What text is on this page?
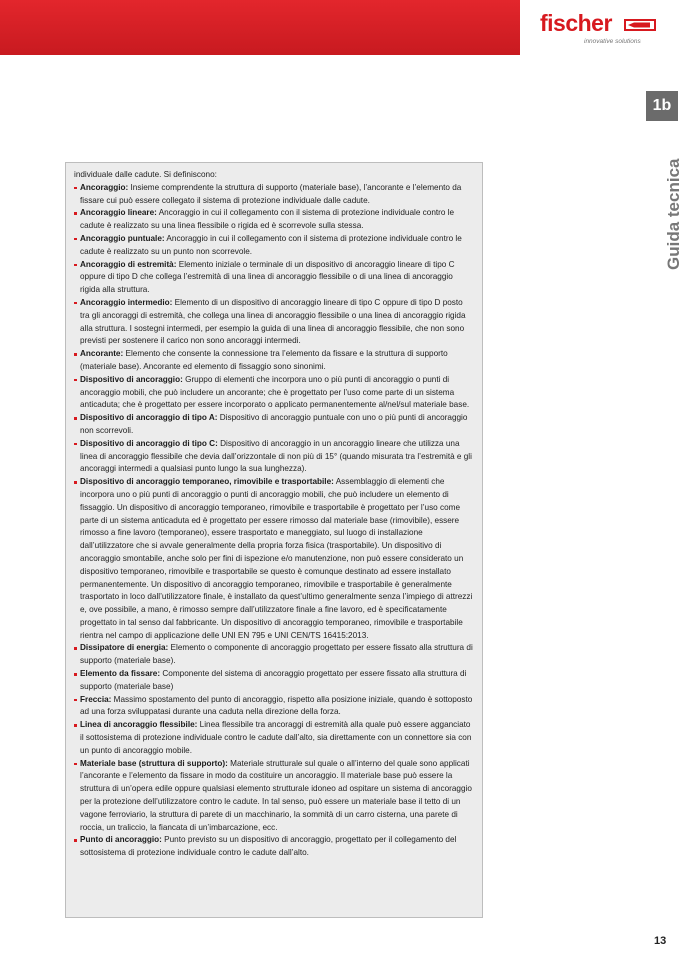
fischer
innovative solutions
1b
Guida tecnica

individuale dalle cadute. Si definiscono:

Ancoraggio: Insieme comprendente la struttura di supporto (materiale base), l’ancorante e l’elemento da fissare cui può essere collegato il sistema di protezione individuale dalle cadute.
Ancoraggio lineare: Ancoraggio in cui il collegamento con il sistema di protezione individuale contro le cadute è realizzato su una linea flessibile o rigida ed è scorrevole sulla stessa.
Ancoraggio puntuale: Ancoraggio in cui il collegamento con il sistema di protezione individuale contro le cadute è realizzato su un punto non scorrevole.
Ancoraggio di estremità: Elemento iniziale o terminale di un dispositivo di ancoraggio lineare di tipo C oppure di tipo D che collega l’estremità di una linea di ancoraggio flessibile o di una linea di ancoraggio rigida alla struttura.
Ancoraggio intermedio: Elemento di un dispositivo di ancoraggio lineare di tipo C oppure di tipo D posto tra gli ancoraggi di estremità, che collega una linea di ancoraggio flessibile o una linea di ancoraggio rigida alla struttura. I sostegni intermedi, per esempio la guida di una linea di ancoraggio flessibile, che non sono previsti per sostenere il carico non sono ancoraggi intermedi.
Ancorante: Elemento che consente la connessione tra l’elemento da fissare e la struttura di supporto (materiale base). Ancorante ed elemento di fissaggio sono sinonimi.
Dispositivo di ancoraggio: Gruppo di elementi che incorpora uno o più punti di ancoraggio o punti di ancoraggio mobili, che può includere un ancorante; che è progettato per l’uso come parte di un sistema anticaduta; che è progettato per essere incorporato o applicato permanentemente al/nel/sul materiale base.
Dispositivo di ancoraggio di tipo A: Dispositivo di ancoraggio puntuale con uno o più punti di ancoraggio non scorrevoli.
Dispositivo di ancoraggio di tipo C: Dispositivo di ancoraggio in un ancoraggio lineare che utilizza una linea di ancoraggio flessibile che devia dall’orizzontale di non più di 15° (quando misurata tra l’estremità e gli ancoraggi intermedi a qualsiasi punto lungo la sua lunghezza).
Dispositivo di ancoraggio temporaneo, rimovibile e trasportabile: Assemblaggio di elementi che incorpora uno o più punti di ancoraggio o punti di ancoraggio mobili, che può includere un elemento di fissaggio. Un dispositivo di ancoraggio temporaneo, rimovibile e trasportabile è progettato per l’uso come parte di un sistema anticaduta ed è progettato per essere rimosso dal materiale base (rimovibile), essere rimosso a fine lavoro (temporaneo), essere trasportato e maneggiato, sul luogo di installazione dall’utilizzatore che si avvale generalmente della propria forza fisica (trasportabile). Un dispositivo di ancoraggio smontabile, anche solo per fini di ispezione e/o manutenzione, non può essere considerato un dispositivo temporaneo, rimovibile e trasportabile se questo è comunque destinato ad essere installato permanentemente. Un dispositivo di ancoraggio temporaneo, rimovibile e trasportabile è generalmente trasportato in loco dall’utilizzatore finale, è installato da quest’ultimo generalmente senza l’impiego di attrezzi e, ove possibile, a mano, è rimosso sempre dall’utilizzatore finale a fine lavoro, ed è specificatamente progettato in tal senso dal fabbricante. Un dispositivo di ancoraggio temporaneo, rimovibile e trasportabile rientra nel campo di applicazione delle UNI EN 795 e UNI CEN/TS 16415:2013.
Dissipatore di energia: Elemento o componente di ancoraggio progettato per essere fissato alla struttura di supporto (materiale base).
Elemento da fissare: Componente del sistema di ancoraggio progettato per essere fissato alla struttura di supporto (materiale base)
Freccia: Massimo spostamento del punto di ancoraggio, rispetto alla posizione iniziale, quando è sottoposto ad una forza sviluppatasi durante una caduta nella direzione della forza.
Linea di ancoraggio flessibile: Linea flessibile tra ancoraggi di estremità alla quale può essere agganciato il sottosistema di protezione individuale contro le cadute dall’alto, sia direttamente con un connettore sia con un punto di ancoraggio mobile.
Materiale base (struttura di supporto): Materiale strutturale sul quale o all’interno del quale sono applicati l’ancorante e l’elemento da fissare in modo da costituire un ancoraggio. Il materiale base può essere la struttura di un’opera edile oppure qualsiasi elemento strutturale idoneo ad ospitare un sistema di ancoraggio per la protezione dell’utilizzatore contro le cadute. In tal senso, può essere un materiale base il tetto di un vagone ferroviario, la struttura di parete di un macchinario, la sommità di un carro cisterna, una parete di roccia, un traliccio, la fiancata di un’imbarcazione, ecc.
Punto di ancoraggio: Punto previsto su un dispositivo di ancoraggio, progettato per il collegamento del sottosistema di protezione individuale contro le cadute dall’alto.
13
